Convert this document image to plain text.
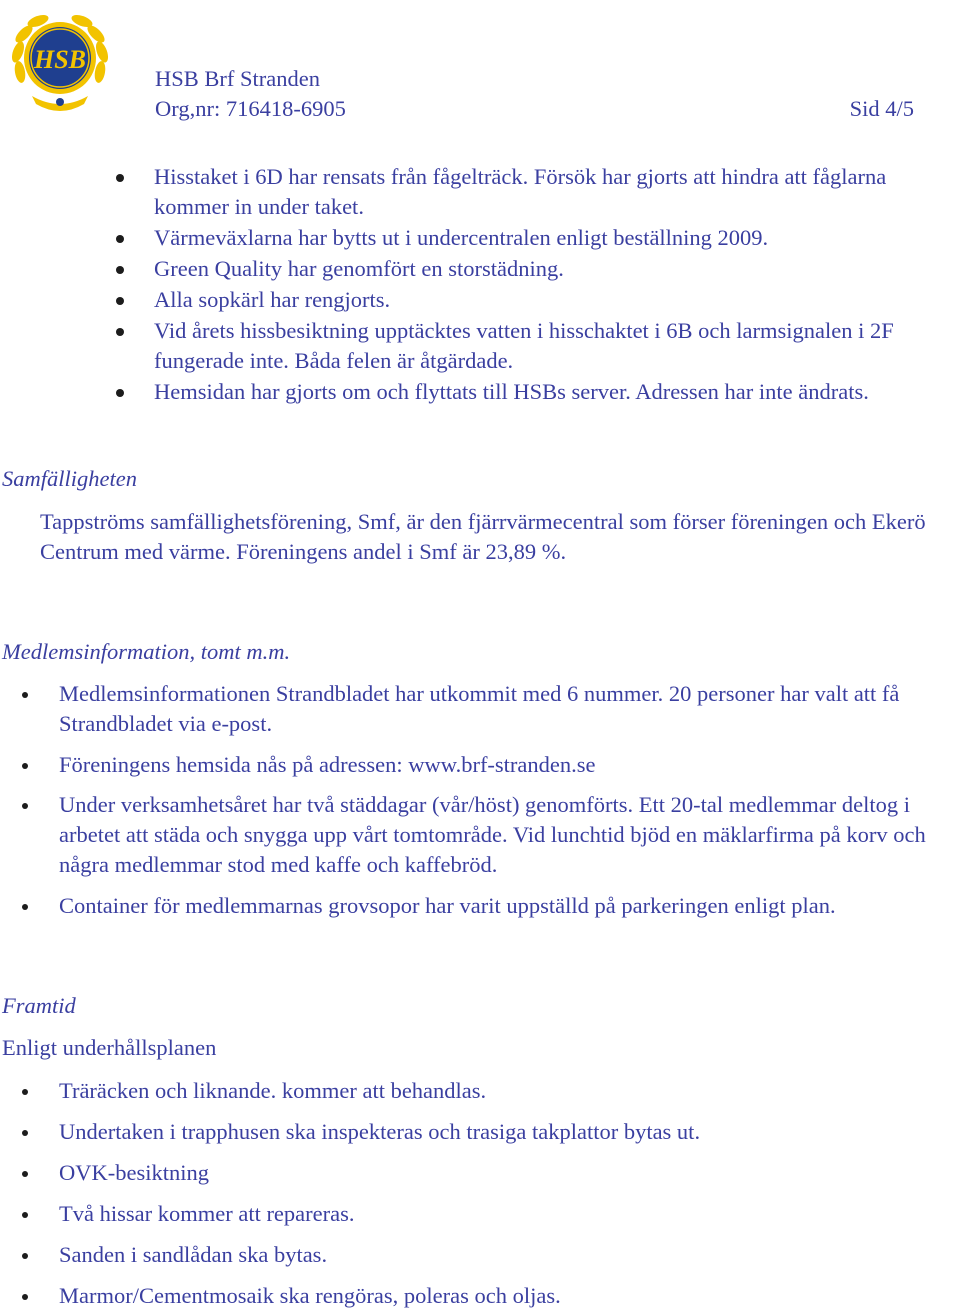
HSB
HSB Brf Stranden
Org,nr: 716418-6905	Sid 4/5
Hisstaket i 6D har rensats från fågelträck. Försök har gjorts att hindra att fåglarna kommer in under taket.
Värmeväxlarna har bytts ut i undercentralen enligt beställning 2009.
Green Quality har genomfört en storstädning.
Alla sopkärl har rengjorts.
Vid årets hissbesiktning upptäcktes vatten i hisschaktet i 6B och larmsignalen i 2F fungerade inte. Båda felen är åtgärdade.
Hemsidan har gjorts om och flyttats till HSBs server. Adressen har inte ändrats.
Samfälligheten
Tappströms samfällighetsförening, Smf, är den fjärrvärmecentral som förser föreningen och Ekerö Centrum med värme. Föreningens andel i Smf är 23,89 %.
Medlemsinformation, tomt m.m.
Medlemsinformationen Strandbladet har utkommit med 6 nummer. 20 personer har valt att få Strandbladet via e-post.
Föreningens hemsida nås på adressen: www.brf-stranden.se
Under verksamhetsåret har två städdagar (vår/höst) genomförts. Ett 20-tal medlemmar deltog i arbetet att städa och snygga upp vårt tomtområde. Vid lunchtid bjöd en mäklarfirma på korv och några medlemmar stod med kaffe och kaffebröd.
Container för medlemmarnas grovsopor har varit uppställd på parkeringen enligt plan.
Framtid
Enligt underhållsplanen
Träräcken och liknande. kommer att behandlas.
Undertaken i trapphusen ska inspekteras och trasiga takplattor bytas ut.
OVK-besiktning
Två hissar kommer att repareras.
Sanden i sandlådan ska bytas.
Marmor/Cementmosaik ska rengöras, poleras och oljas.
